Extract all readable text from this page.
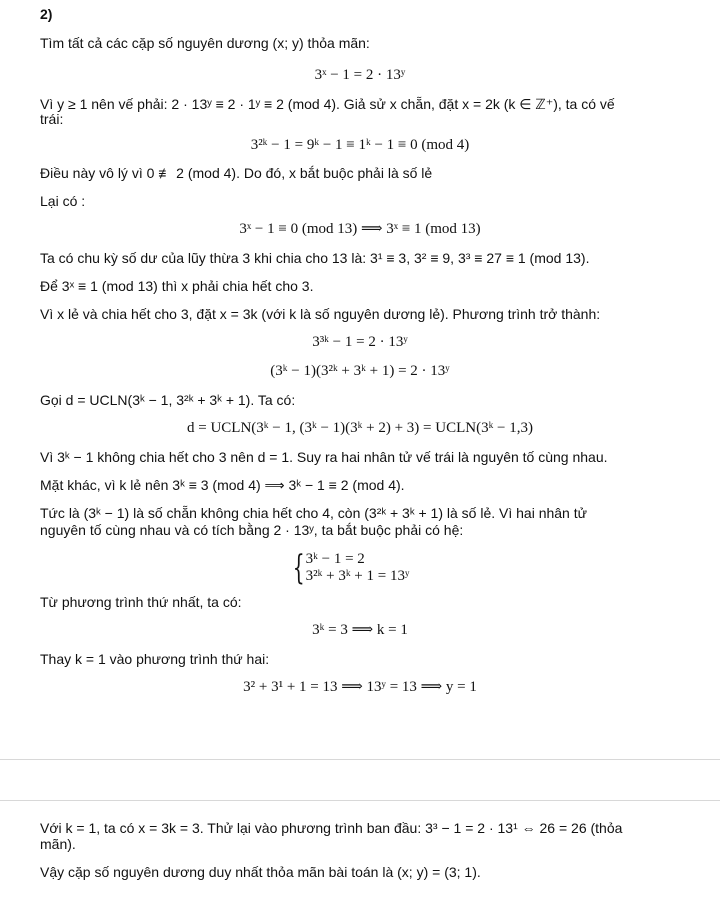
2)

Tìm tất cả các cặp số nguyên dương (x; y) thỏa mãn:

3ˣ − 1 = 2 · 13ʸ

Vì y ≥ 1 nên vế phải: 2 · 13ʸ ≡ 2 · 1ʸ ≡ 2 (mod 4). Giả sử x chẵn, đặt x = 2k (k ∈ ℤ⁺), ta có vế

trái:

3²ᵏ − 1 = 9ᵏ − 1 ≡ 1ᵏ − 1 ≡ 0 (mod 4)

Điều này vô lý vì 0 ≢ 2 (mod 4). Do đó, x bắt buộc phải là số lẻ

Lại có :

3ˣ − 1 ≡ 0 (mod 13) ⟹ 3ˣ ≡ 1 (mod 13)

Ta có chu kỳ số dư của lũy thừa 3 khi chia cho 13 là: 3¹ ≡ 3, 3² ≡ 9, 3³ ≡ 27 ≡ 1 (mod 13).

Để 3ˣ ≡ 1 (mod 13) thì x phải chia hết cho 3.

Vì x lẻ và chia hết cho 3, đặt x = 3k (với k là số nguyên dương lẻ). Phương trình trở thành:

3³ᵏ − 1 = 2 · 13ʸ

(3ᵏ − 1)(3²ᵏ + 3ᵏ + 1) = 2 · 13ʸ

Gọi d = UCLN(3ᵏ − 1, 3²ᵏ + 3ᵏ + 1). Ta có:

d = UCLN(3ᵏ − 1, (3ᵏ − 1)(3ᵏ + 2) + 3) = UCLN(3ᵏ − 1,3)

Vì 3ᵏ − 1 không chia hết cho 3 nên d = 1. Suy ra hai nhân tử vế trái là nguyên tố cùng nhau.

Mặt khác, vì k lẻ nên 3ᵏ ≡ 3 (mod 4) ⟹ 3ᵏ − 1 ≡ 2 (mod 4).

Tức là (3ᵏ − 1) là số chẵn không chia hết cho 4, còn (3²ᵏ + 3ᵏ + 1) là số lẻ. Vì hai nhân tử

nguyên tố cùng nhau và có tích bằng 2 · 13ʸ, ta bắt buộc phải có hệ:

{ 3ᵏ − 1 = 2
3²ᵏ + 3ᵏ + 1 = 13ʸ

Từ phương trình thứ nhất, ta có:

3ᵏ = 3 ⟹ k = 1

Thay k = 1 vào phương trình thứ hai:

3² + 3¹ + 1 = 13 ⟹ 13ʸ = 13 ⟹ y = 1

Với k = 1, ta có x = 3k = 3. Thử lại vào phương trình ban đầu: 3³ − 1 = 2 · 13¹ ⇔ 26 = 26 (thỏa

mãn).

Vậy cặp số nguyên dương duy nhất thỏa mãn bài toán là (x; y) = (3; 1).
